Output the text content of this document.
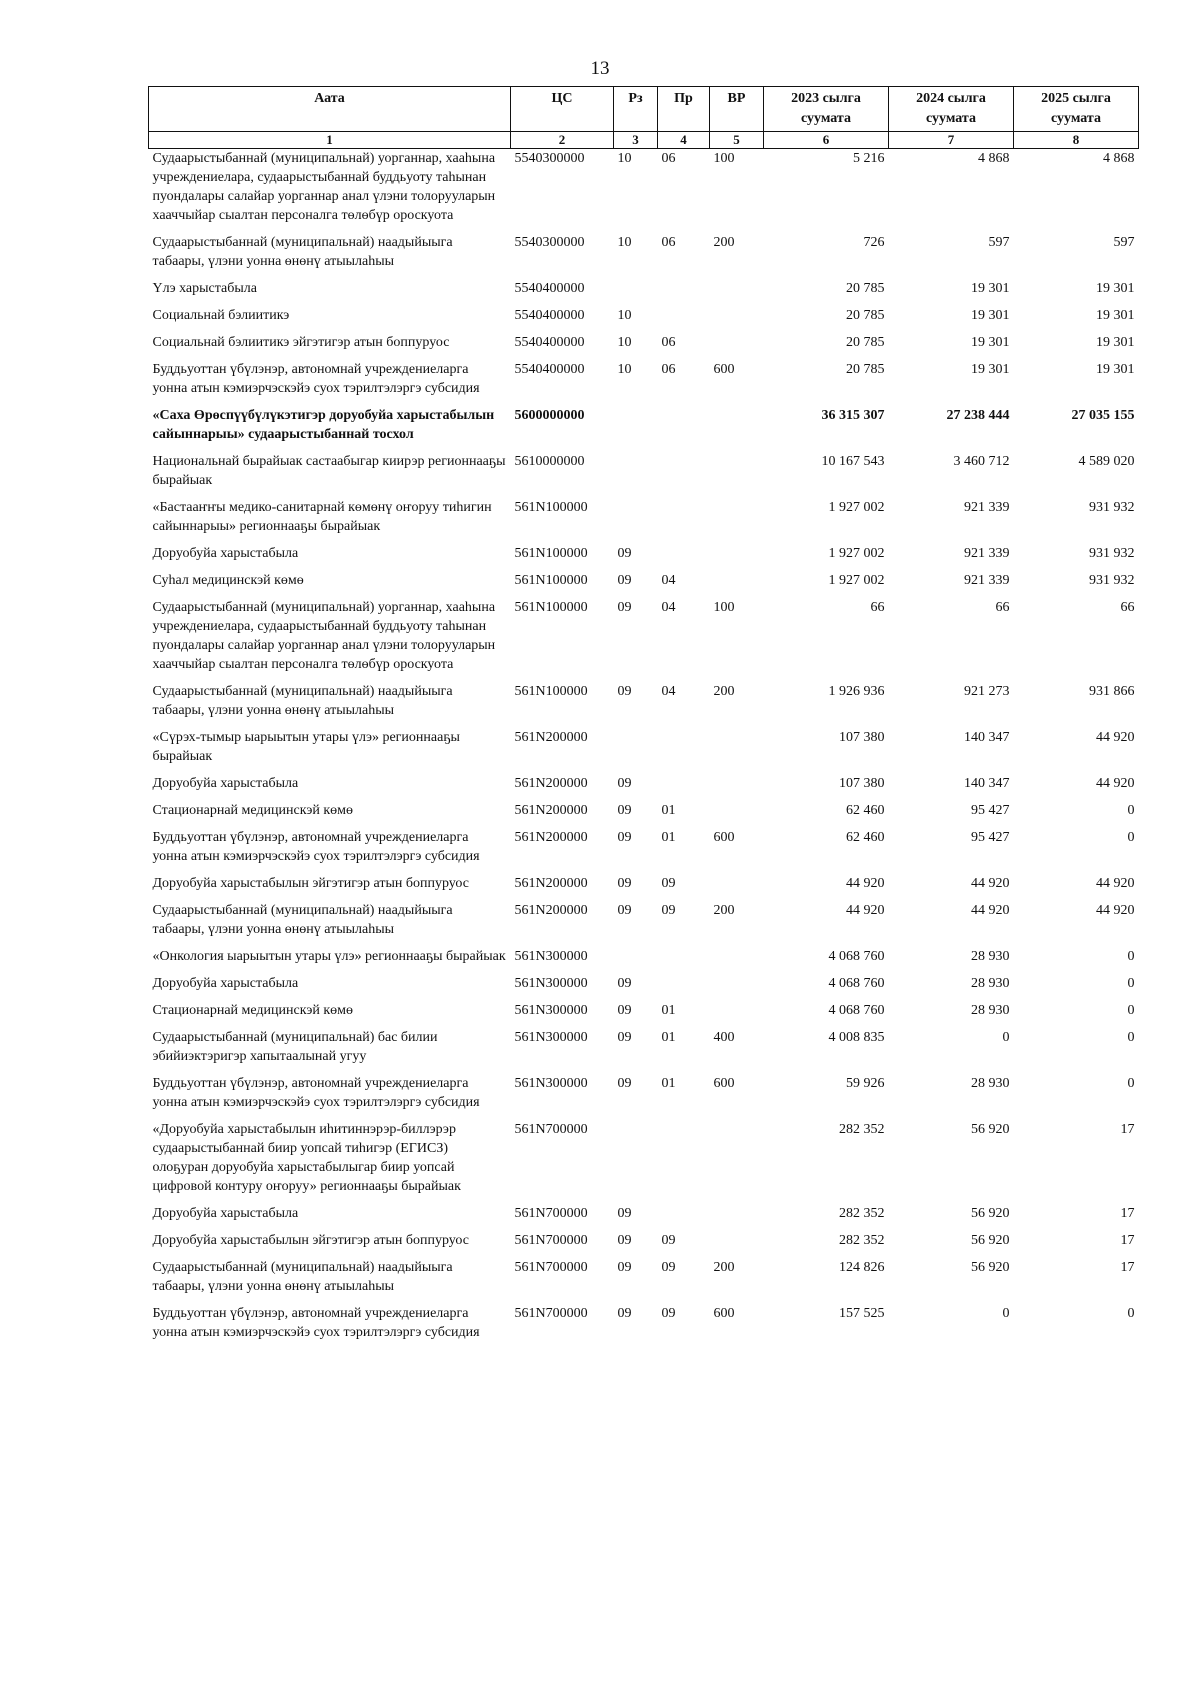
13
Аата	ЦС	Рз	Пр	ВР	2023 сылга суумата	2024 сылга суумата	2025 сылга суумата
1	2	3	4	5	6	7	8
Судаарыстыбаннай (муниципальнай) уорганнар, хааһына учреждениелара, судаарыстыбаннай буддьуоту таһынан пуондалары салайар уорганнар анал үлэни толорууларын хааччыйар сыалтан персоналга төлөбүр ороскуота	5540300000	10	06	100	5 216	4 868	4 868
Судаарыстыбаннай (муниципальнай) наадыйыыга табаары, үлэни уонна өнөнү атыылаһыы	5540300000	10	06	200	726	597	597
Үлэ харыстабыла	5540400000				20 785	19 301	19 301
Социальнай бэлиитикэ	5540400000	10			20 785	19 301	19 301
Социальнай бэлиитикэ эйгэтигэр атын боппуруос	5540400000	10	06		20 785	19 301	19 301
Буддьуоттан үбүлэнэр, автономнай учреждениеларга уонна атын кэмиэрчэскэйэ суох тэрилтэлэргэ субсидия	5540400000	10	06	600	20 785	19 301	19 301
«Саха Өрөспүүбүлүкэтигэр доруобуйа харыстабылын сайыннарыы» судаарыстыбаннай тосхол	5600000000				36 315 307	27 238 444	27 035 155
Национальнай бырайыак састаабыгар киирэр регионнааҕы бырайыак	5610000000				10 167 543	3 460 712	4 589 020
«Бастааҥҥы медико-санитарнай көмөнү оҥоруу тиһигин сайыннарыы» регионнааҕы бырайыак	561N100000				1 927 002	921 339	931 932
Доруобуйа харыстабыла	561N100000	09			1 927 002	921 339	931 932
Суһал медицинскэй көмө	561N100000	09	04		1 927 002	921 339	931 932
Судаарыстыбаннай (муниципальнай) уорганнар, хааһына учреждениелара, судаарыстыбаннай буддьуоту таһынан пуондалары салайар уорганнар анал үлэни толорууларын хааччыйар сыалтан персоналга төлөбүр ороскуота	561N100000	09	04	100	66	66	66
Судаарыстыбаннай (муниципальнай) наадыйыыга табаары, үлэни уонна өнөнү атыылаһыы	561N100000	09	04	200	1 926 936	921 273	931 866
«Сүрэх-тымыр ыарыытын утары үлэ» регионнааҕы бырайыак	561N200000				107 380	140 347	44 920
Доруобуйа харыстабыла	561N200000	09			107 380	140 347	44 920
Стационарнай медицинскэй көмө	561N200000	09	01		62 460	95 427	0
Буддьуоттан үбүлэнэр, автономнай учреждениеларга уонна атын кэмиэрчэскэйэ суох тэрилтэлэргэ субсидия	561N200000	09	01	600	62 460	95 427	0
Доруобуйа харыстабылын эйгэтигэр атын боппуруос	561N200000	09	09		44 920	44 920	44 920
Судаарыстыбаннай (муниципальнай) наадыйыыга табаары, үлэни уонна өнөнү атыылаһыы	561N200000	09	09	200	44 920	44 920	44 920
«Онкология ыарыытын утары үлэ» регионнааҕы бырайыак	561N300000				4 068 760	28 930	0
Доруобуйа харыстабыла	561N300000	09			4 068 760	28 930	0
Стационарнай медицинскэй көмө	561N300000	09	01		4 068 760	28 930	0
Судаарыстыбаннай (муниципальнай) бас билии эбийиэктэригэр хапытаалынай угуу	561N300000	09	01	400	4 008 835	0	0
Буддьуоттан үбүлэнэр, автономнай учреждениеларга уонна атын кэмиэрчэскэйэ суох тэрилтэлэргэ субсидия	561N300000	09	01	600	59 926	28 930	0
«Доруобуйа харыстабылын иһитиннэрэр-биллэрэр судаарыстыбаннай биир уопсай тиһигэр (ЕГИСЗ) олоҕуран доруобуйа харыстабылыгар биир уопсай цифровой контуру оҥоруу» регионнааҕы бырайыак	561N700000				282 352	56 920	17
Доруобуйа харыстабыла	561N700000	09			282 352	56 920	17
Доруобуйа харыстабылын эйгэтигэр атын боппуруос	561N700000	09	09		282 352	56 920	17
Судаарыстыбаннай (муниципальнай) наадыйыыга табаары, үлэни уонна өнөнү атыылаһыы	561N700000	09	09	200	124 826	56 920	17
Буддьуоттан үбүлэнэр, автономнай учреждениеларга уонна атын кэмиэрчэскэйэ суох тэрилтэлэргэ субсидия	561N700000	09	09	600	157 525	0	0
